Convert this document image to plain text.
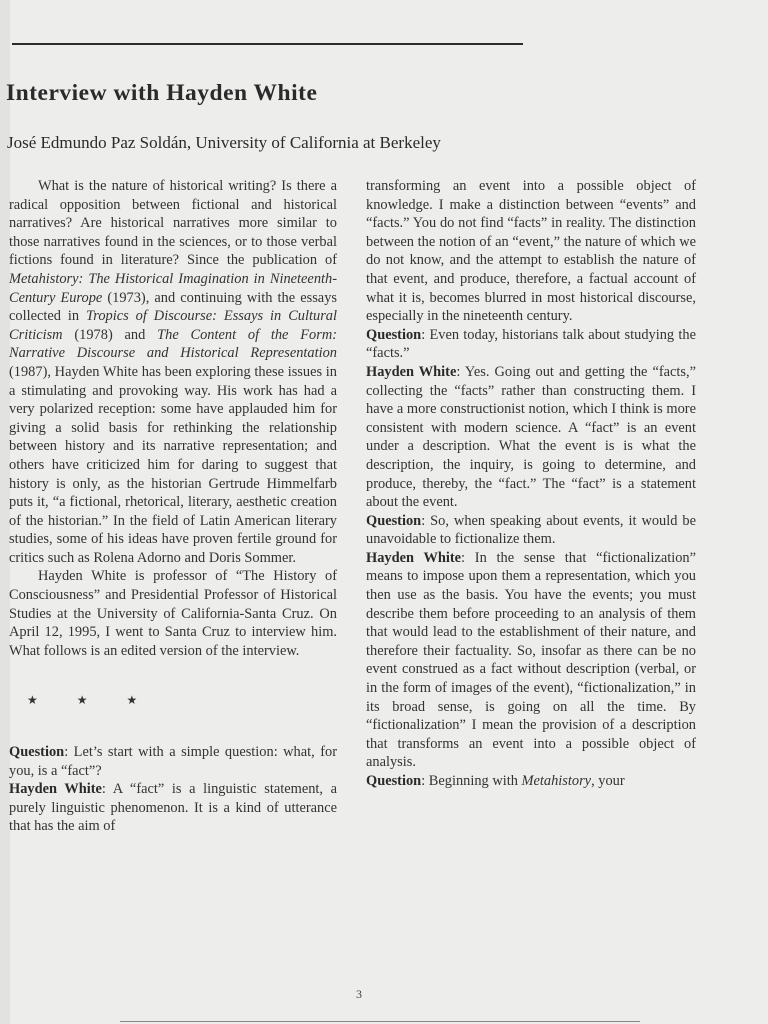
Interview with Hayden White
José Edmundo Paz Soldán, University of California at Berkeley

What is the nature of historical writing? Is there a radical opposition between fictional and historical narratives? Are historical narratives more similar to those narratives found in the sciences, or to those verbal fictions found in literature? Since the publication of Metahistory: The Historical Imagination in Nineteenth-Century Europe (1973), and continuing with the essays collected in Tropics of Discourse: Essays in Cultural Criticism (1978) and The Content of the Form: Narrative Discourse and Historical Representation (1987), Hayden White has been exploring these issues in a stimulating and provoking way. His work has had a very polarized reception: some have applauded him for giving a solid basis for rethinking the relationship between history and its narrative representation; and others have criticized him for daring to suggest that history is only, as the historian Gertrude Himmelfarb puts it, “a fictional, rhetorical, literary, aesthetic creation of the historian.” In the field of Latin American literary studies, some of his ideas have proven fertile ground for critics such as Rolena Adorno and Doris Sommer.

Hayden White is professor of “The History of Consciousness” and Presidential Professor of Historical Studies at the University of California-Santa Cruz. On April 12, 1995, I went to Santa Cruz to interview him. What follows is an edited version of the interview.

★ ★ ★

Question: Let’s start with a simple question: what, for you, is a “fact”?

Hayden White: A “fact” is a linguistic statement, a purely linguistic phenomenon. It is a kind of utterance that has the aim of

transforming an event into a possible object of knowledge. I make a distinction between “events” and “facts.” You do not find “facts” in reality. The distinction between the notion of an “event,” the nature of which we do not know, and the attempt to establish the nature of that event, and produce, therefore, a factual account of what it is, becomes blurred in most historical discourse, especially in the nineteenth century.

Question: Even today, historians talk about studying the “facts.”

Hayden White: Yes. Going out and getting the “facts,” collecting the “facts” rather than constructing them. I have a more constructionist notion, which I think is more consistent with modern science. A “fact” is an event under a description. What the event is is what the description, the inquiry, is going to determine, and produce, thereby, the “fact.” The “fact” is a statement about the event.

Question: So, when speaking about events, it would be unavoidable to fictionalize them.

Hayden White: In the sense that “fictionalization” means to impose upon them a representation, which you then use as the basis. You have the events; you must describe them before proceeding to an analysis of them that would lead to the establishment of their nature, and therefore their factuality. So, insofar as there can be no event construed as a fact without description (verbal, or in the form of images of the event), “fictionalization,” in its broad sense, is going on all the time. By “fictionalization” I mean the provision of a description that transforms an event into a possible object of analysis.

Question: Beginning with Metahistory, your

3
